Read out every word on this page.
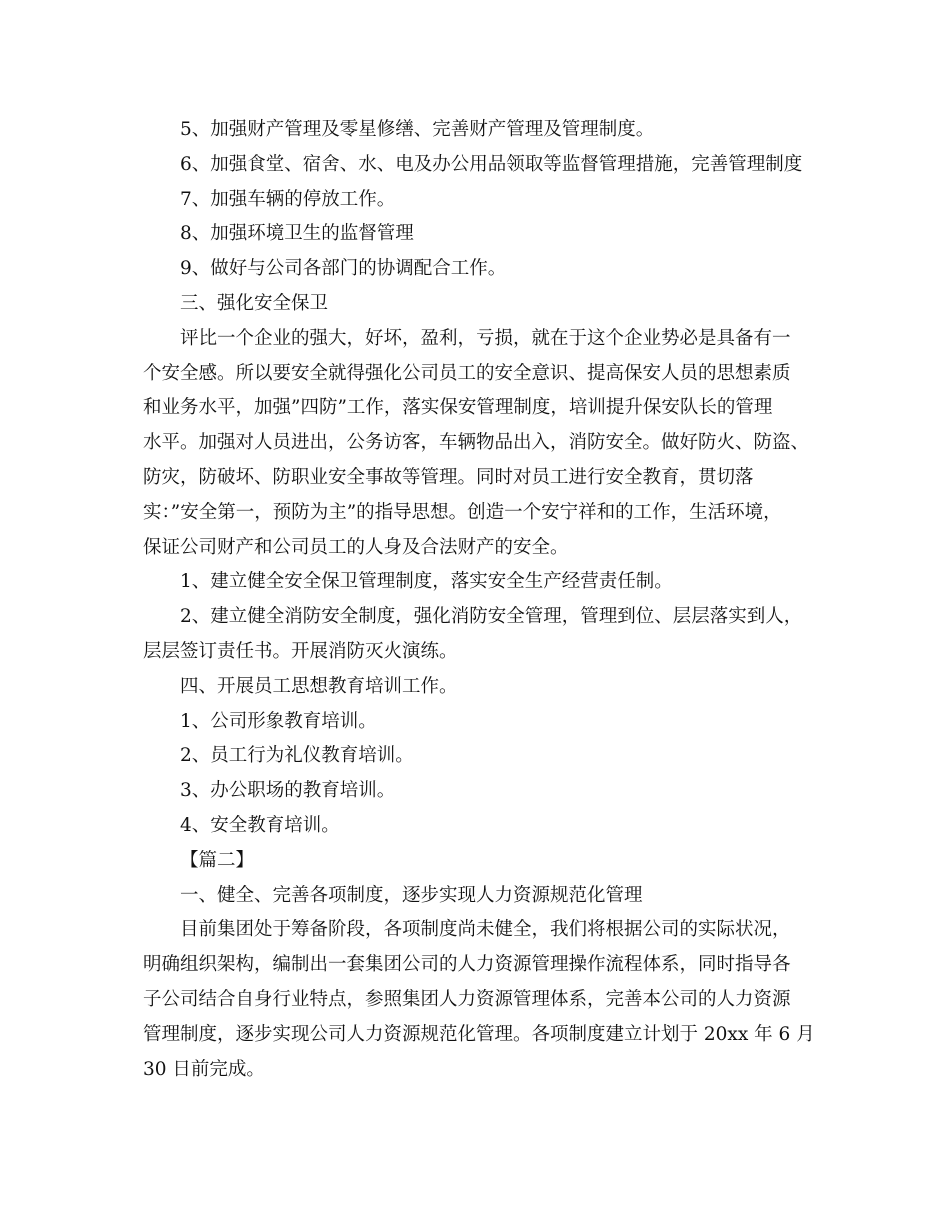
5、加强财产管理及零星修缮、完善财产管理及管理制度。
6、加强食堂、宿舍、水、电及办公用品领取等监督管理措施，完善管理制度
7、加强车辆的停放工作。
8、加强环境卫生的监督管理
9、做好与公司各部门的协调配合工作。
三、强化安全保卫
评比一个企业的强大，好坏，盈利，亏损，就在于这个企业势必是具备有一
个安全感。所以要安全就得强化公司员工的安全意识、提高保安人员的思想素质
和业务水平，加强”四防”工作，落实保安管理制度，培训提升保安队长的管理
水平。加强对人员进出，公务访客，车辆物品出入，消防安全。做好防火、防盗、
防灾，防破坏、防职业安全事故等管理。同时对员工进行安全教育，贯切落
实：”安全第一，预防为主”的指导思想。创造一个安宁祥和的工作，生活环境，
保证公司财产和公司员工的人身及合法财产的安全。
1、建立健全安全保卫管理制度，落实安全生产经营责任制。
2、建立健全消防安全制度，强化消防安全管理，管理到位、层层落实到人，
层层签订责任书。开展消防灭火演练。
四、开展员工思想教育培训工作。
1、公司形象教育培训。
2、员工行为礼仪教育培训。
3、办公职场的教育培训。
4、安全教育培训。
【篇二】
一、健全、完善各项制度，逐步实现人力资源规范化管理
目前集团处于筹备阶段，各项制度尚未健全，我们将根据公司的实际状况，
明确组织架构，编制出一套集团公司的人力资源管理操作流程体系，同时指导各
子公司结合自身行业特点，参照集团人力资源管理体系，完善本公司的人力资源
管理制度，逐步实现公司人力资源规范化管理。各项制度建立计划于 20xx 年 6 月
30 日前完成。
